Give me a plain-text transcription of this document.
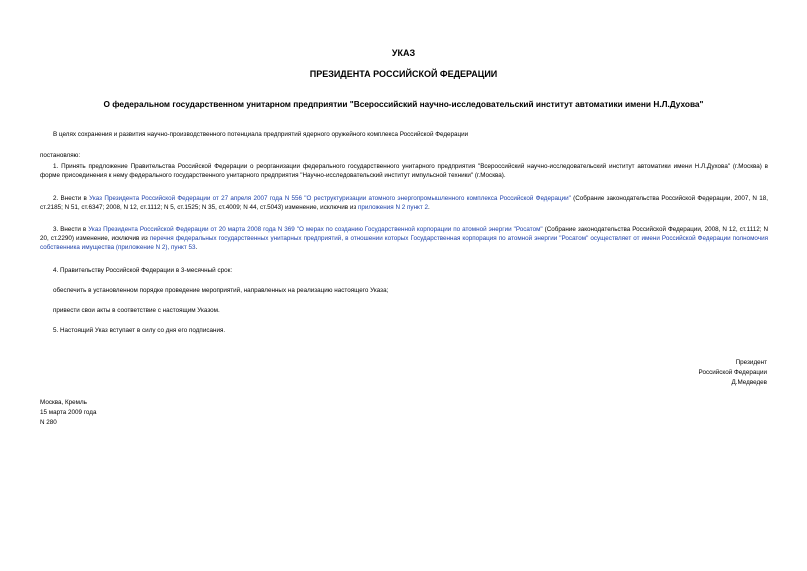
УКАЗ
ПРЕЗИДЕНТА РОССИЙСКОЙ ФЕДЕРАЦИИ
О федеральном государственном унитарном предприятии "Всероссийский научно-исследовательский институт автоматики имени Н.Л.Духова"
В целях сохранения и развития научно-производственного потенциала предприятий ядерного оружейного комплекса Российской Федерации
постановляю:
1. Принять предложение Правительства Российской Федерации о реорганизации федерального государственного унитарного предприятия "Всероссийский научно-исследовательский институт автоматики имени Н.Л.Духова" (г.Москва) в форме присоединения к нему федерального государственного унитарного предприятия "Научно-исследовательский институт импульсной техники" (г.Москва).
2. Внести в Указ Президента Российской Федерации от 27 апреля 2007 года N 556 "О реструктуризации атомного энергопромышленного комплекса Российской Федерации" (Собрание законодательства Российской Федерации, 2007, N 18, ст.2185; N 51, ст.6347; 2008, N 12, ст.1112; N 5, ст.1525; N 35, ст.4009; N 44, ст.5043) изменение, исключив из приложения N 2 пункт 2.
3. Внести в Указ Президента Российской Федерации от 20 марта 2008 года N 369 "О мерах по созданию Государственной корпорации по атомной энергии "Росатом" (Собрание законодательства Российской Федерации, 2008, N 12, ст.1112; N 20, ст.2290) изменение, исключив из перечня федеральных государственных унитарных предприятий, в отношении которых Государственная корпорация по атомной энергии "Росатом" осуществляет от имени Российской Федерации полномочия собственника имущества (приложение N 2), пункт 53.
4. Правительству Российской Федерации в 3-месячный срок:
обеспечить в установленном порядке проведение мероприятий, направленных на реализацию настоящего Указа;
привести свои акты в соответствие с настоящим Указом.
5. Настоящий Указ вступает в силу со дня его подписания.
Президент
Российской Федерации
Д.Медведев
Москва, Кремль
15 марта 2009 года
N 280
